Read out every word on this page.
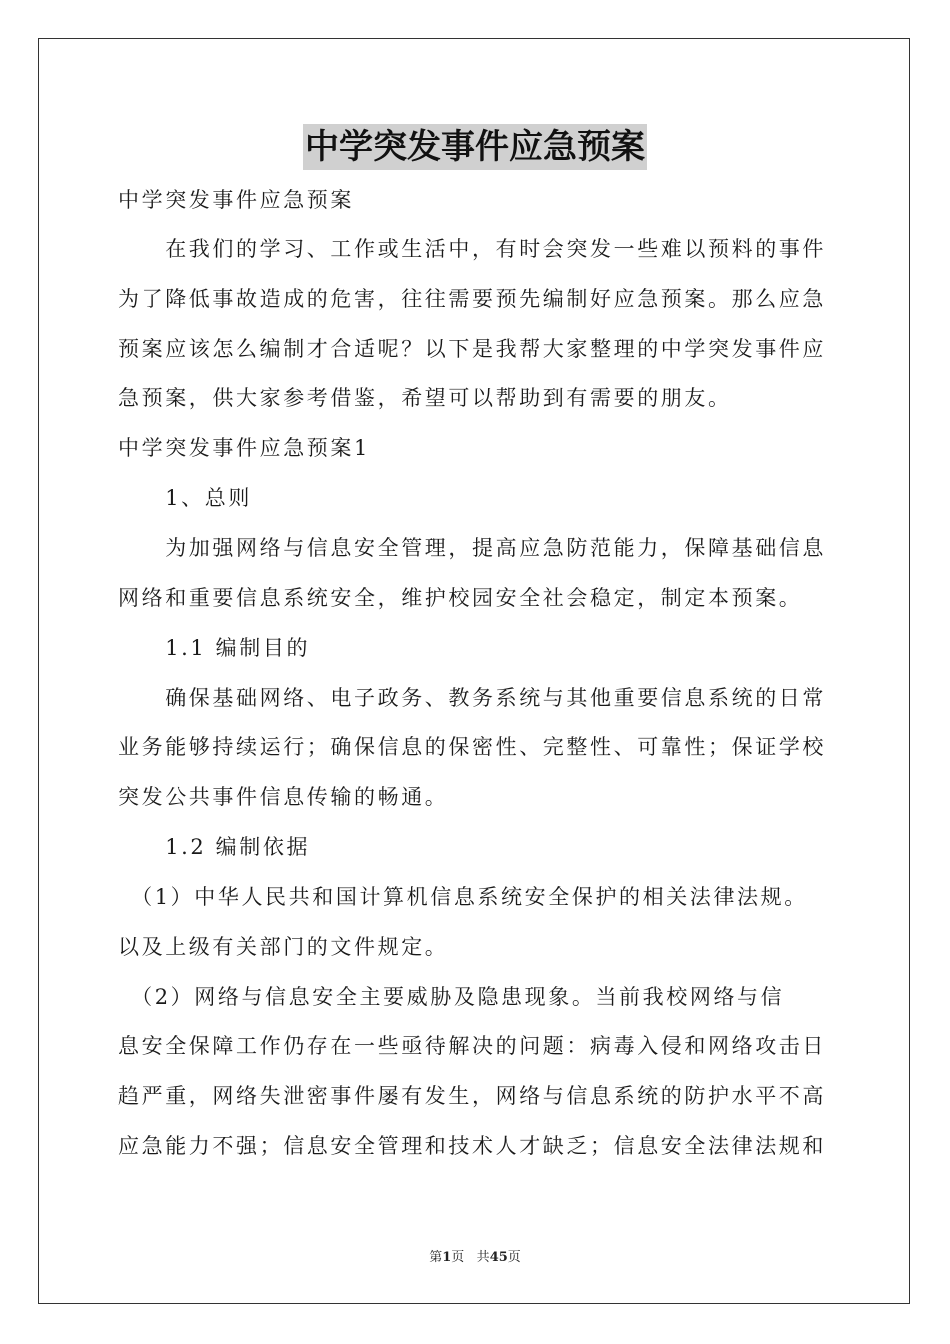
中学突发事件应急预案
中学突发事件应急预案
　　在我们的学习、工作或生活中，有时会突发一些难以预料的事件
为了降低事故造成的危害，往往需要预先编制好应急预案。那么应急
预案应该怎么编制才合适呢？以下是我帮大家整理的中学突发事件应
急预案，供大家参考借鉴，希望可以帮助到有需要的朋友。
中学突发事件应急预案1
　　1、总则
　　为加强网络与信息安全管理，提高应急防范能力，保障基础信息
网络和重要信息系统安全，维护校园安全社会稳定，制定本预案。
　　1.1 编制目的
　　确保基础网络、电子政务、教务系统与其他重要信息系统的日常
业务能够持续运行；确保信息的保密性、完整性、可靠性；保证学校
突发公共事件信息传输的畅通。
　　1.2 编制依据
　（1）中华人民共和国计算机信息系统安全保护的相关法律法规。
以及上级有关部门的文件规定。
　（2）网络与信息安全主要威胁及隐患现象。当前我校网络与信
息安全保障工作仍存在一些亟待解决的问题：病毒入侵和网络攻击日
趋严重，网络失泄密事件屡有发生，网络与信息系统的防护水平不高
应急能力不强；信息安全管理和技术人才缺乏；信息安全法律法规和
第1页 共45页
